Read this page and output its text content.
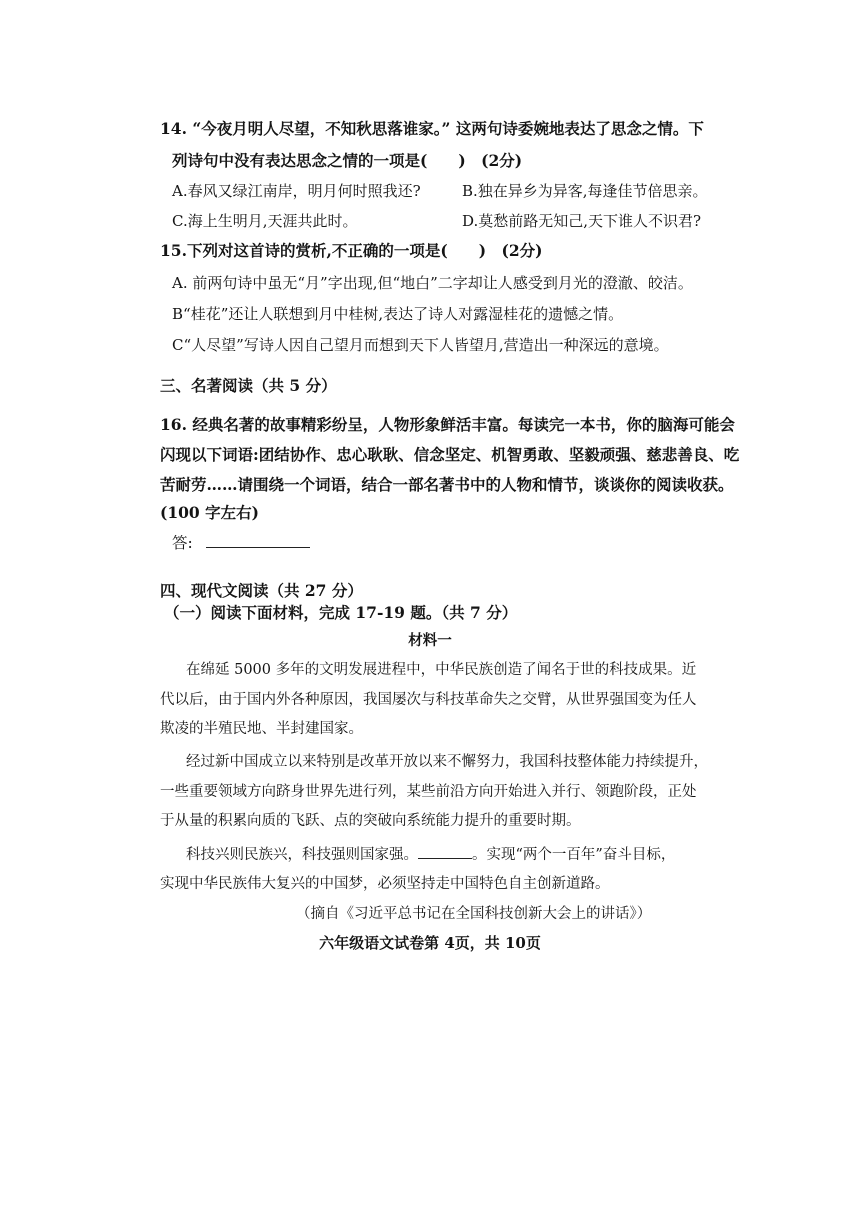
14. “今夜月明人尽望，不知秋思落谁家。” 这两句诗委婉地表达了思念之情。下
列诗句中没有表达思念之情的一项是(　　)　(2分)
A.春风又绿江南岸，明月何时照我还?	B.独在异乡为异客,每逢佳节倍思亲。
C.海上生明月,天涯共此时。	D.莫愁前路无知己,天下谁人不识君?
15.下列对这首诗的赏析,不正确的一项是(　　)　(2分)
A. 前两句诗中虽无“月”字出现,但“地白”二字却让人感受到月光的澄澈、皎洁。
B“桂花”还让人联想到月中桂树,表达了诗人对露湿桂花的遗憾之情。
C“人尽望”写诗人因自己望月而想到天下人皆望月,营造出一种深远的意境。
三、名著阅读（共 5 分）
16. 经典名著的故事精彩纷呈，人物形象鲜活丰富。每读完一本书，你的脑海可能会
闪现以下词语:团结协作、忠心耿耿、信念坚定、机智勇敢、坚毅顽强、慈悲善良、吃
苦耐劳……请围绕一个词语，结合一部名著书中的人物和情节，谈谈你的阅读收获。
(100 字左右)
答:
四、现代文阅读（共 27 分）
（一）阅读下面材料，完成 17-19 题。（共 7 分）
材料一
在绵延 5000 多年的文明发展进程中，中华民族创造了闻名于世的科技成果。近
代以后，由于国内外各种原因，我国屡次与科技革命失之交臂，从世界强国变为任人
欺凌的半殖民地、半封建国家。
经过新中国成立以来特别是改革开放以来不懈努力，我国科技整体能力持续提升，
一些重要领域方向跻身世界先进行列，某些前沿方向开始进入并行、领跑阶段，正处
于从量的积累向质的飞跃、点的突破向系统能力提升的重要时期。
科技兴则民族兴，科技强则国家强。	。实现“两个一百年”奋斗目标，
实现中华民族伟大复兴的中国梦，必须坚持走中国特色自主创新道路。
（摘自《习近平总书记在全国科技创新大会上的讲话》）
六年级语文试卷第 4页，共 10页
